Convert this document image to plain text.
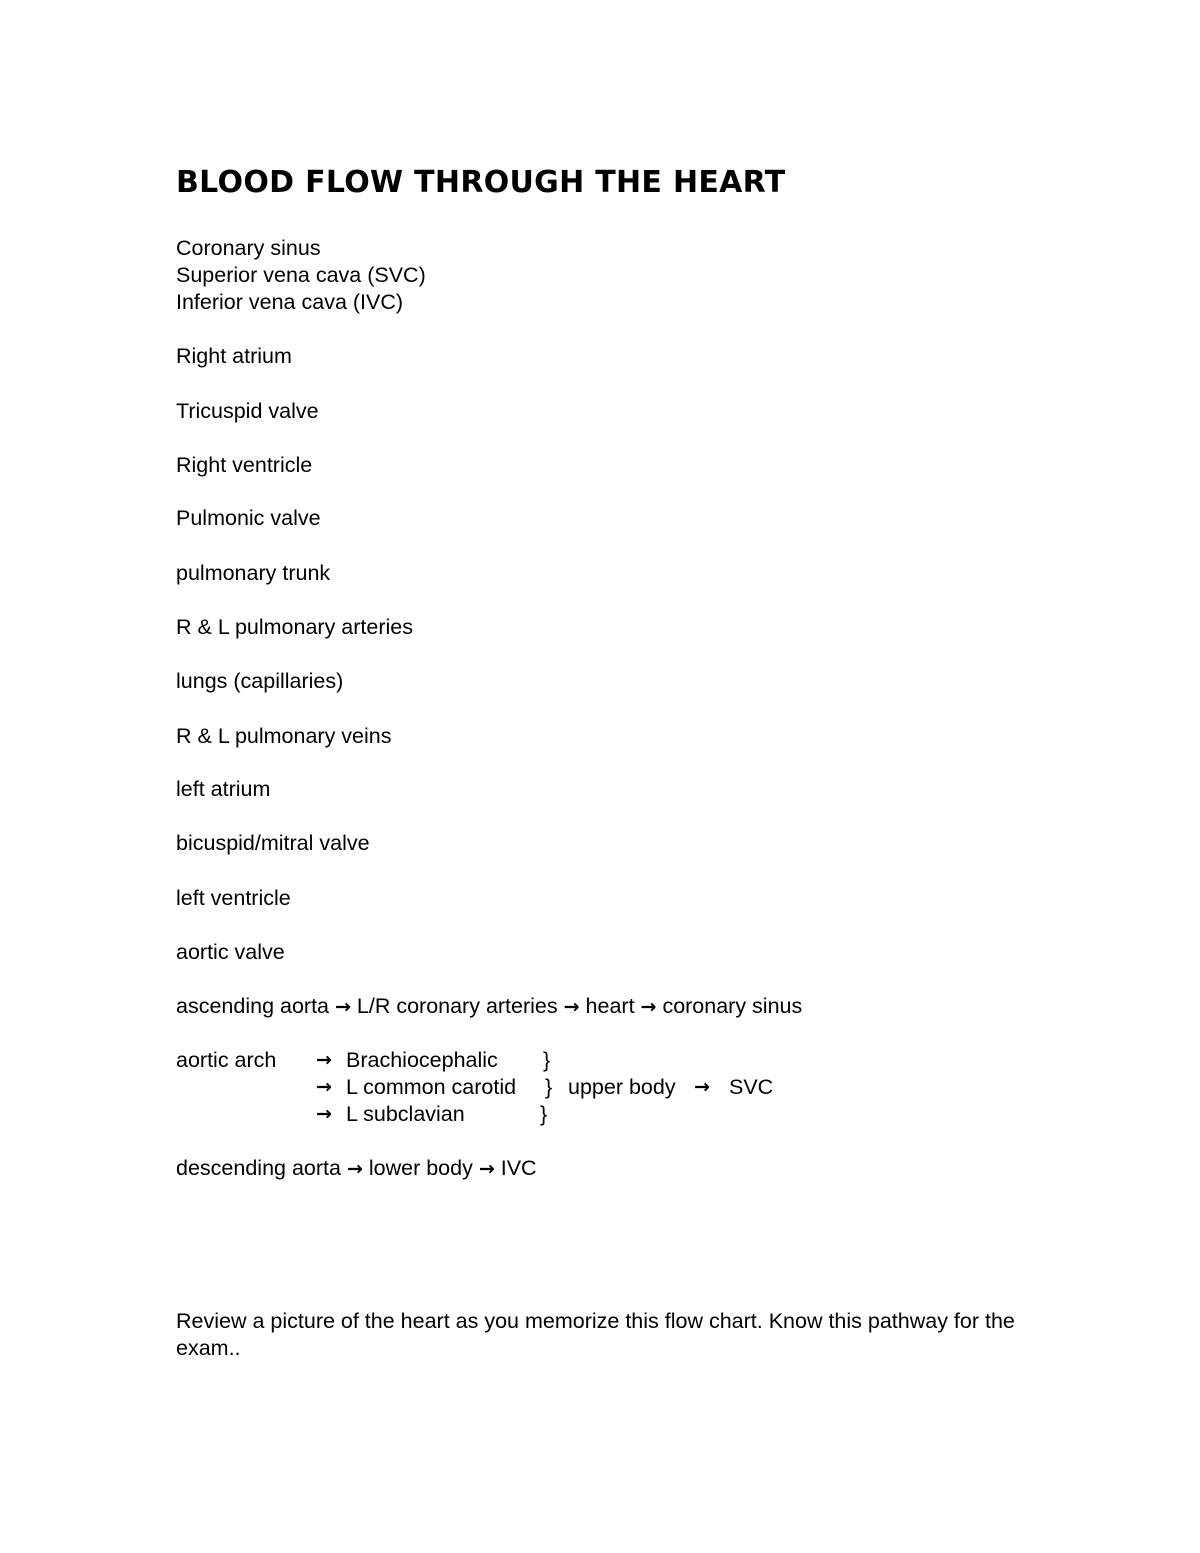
BLOOD FLOW THROUGH THE HEART
Coronary sinus
Superior vena cava (SVC)
Inferior vena cava (IVC)
Right atrium
Tricuspid valve
Right ventricle
Pulmonic valve
pulmonary trunk
R & L pulmonary arteries
lungs (capillaries)
R & L pulmonary veins
left atrium
bicuspid/mitral valve
left ventricle
aortic valve
ascending aorta → L/R coronary arteries → heart → coronary sinus
aortic arch → Brachiocephalic }
→ L common carotid } upper body → SVC
→ L subclavian	}
descending aorta → lower body → IVC

Review a picture of the heart as you memorize this flow chart. Know this pathway for the exam..
